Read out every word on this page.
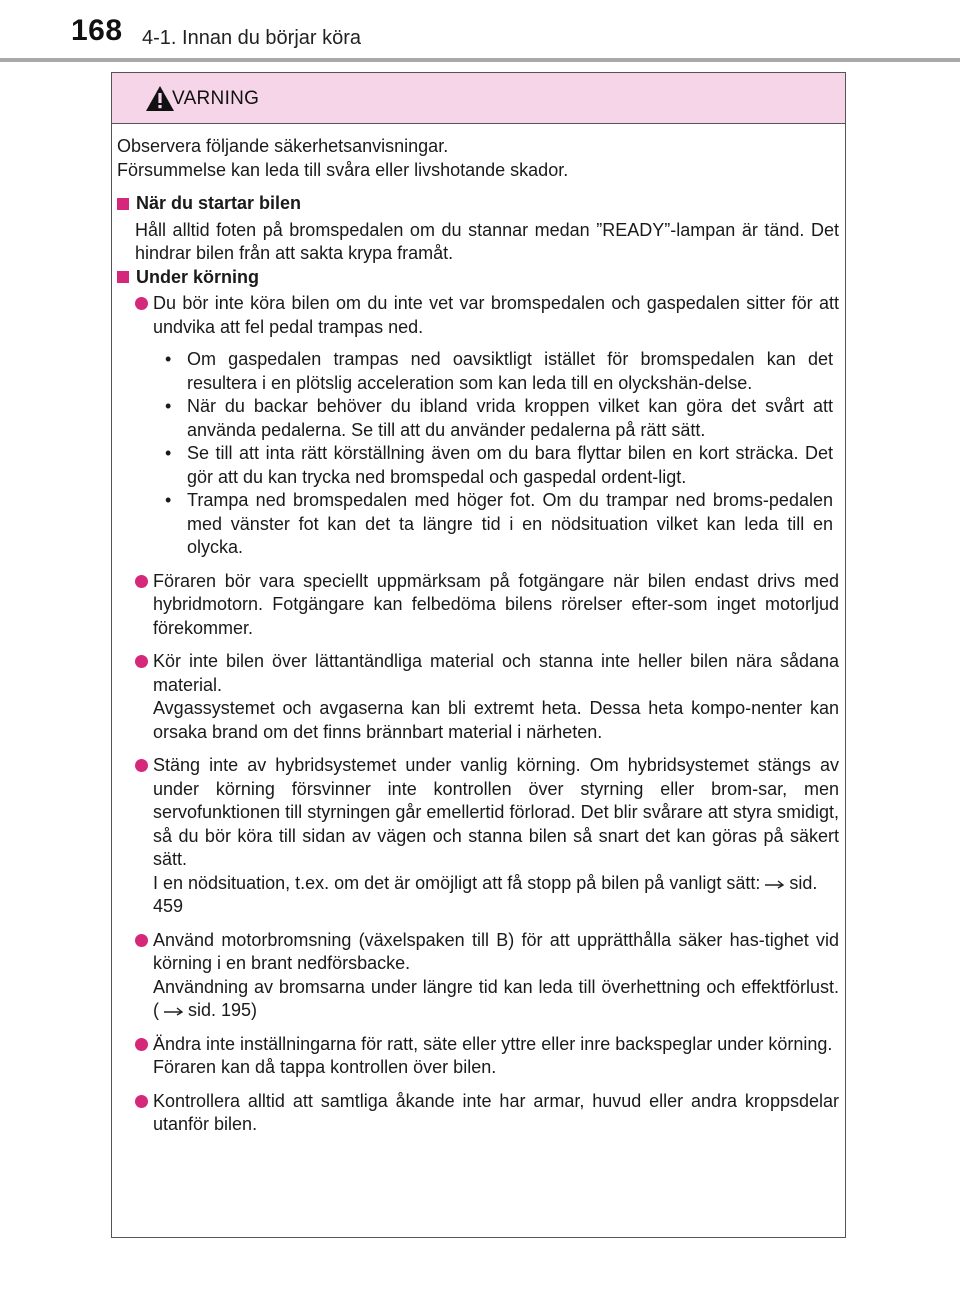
168 4-1. Innan du börjar köra
VARNING

Observera följande säkerhetsanvisningar.

Försummelse kan leda till svåra eller livshotande skador.

När du startar bilen

Håll alltid foten på bromspedalen om du stannar medan ”READY”-lampan är tänd. Det hindrar bilen från att sakta krypa framåt.

Under körning

Du bör inte köra bilen om du inte vet var bromspedalen och gaspedalen sitter för att undvika att fel pedal trampas ned.

• Om gaspedalen trampas ned oavsiktligt istället för bromspedalen kan det resultera i en plötslig acceleration som kan leda till en olyckshän-delse.

• När du backar behöver du ibland vrida kroppen vilket kan göra det svårt att använda pedalerna. Se till att du använder pedalerna på rätt sätt.

• Se till att inta rätt körställning även om du bara flyttar bilen en kort sträcka. Det gör att du kan trycka ned bromspedal och gaspedal ordent-ligt.

• Trampa ned bromspedalen med höger fot. Om du trampar ned broms-pedalen med vänster fot kan det ta längre tid i en nödsituation vilket kan leda till en olycka.

Föraren bör vara speciellt uppmärksam på fotgängare när bilen endast drivs med hybridmotorn. Fotgängare kan felbedöma bilens rörelser efter-som inget motorljud förekommer.

Kör inte bilen över lättantändliga material och stanna inte heller bilen nära sådana material.

Avgassystemet och avgaserna kan bli extremt heta. Dessa heta kompo-nenter kan orsaka brand om det finns brännbart material i närheten.

Stäng inte av hybridsystemet under vanlig körning. Om hybridsystemet stängs av under körning försvinner inte kontrollen över styrning eller brom-sar, men servofunktionen till styrningen går emellertid förlorad. Det blir svårare att styra smidigt, så du bör köra till sidan av vägen och stanna bilen så snart det kan göras på säkert sätt.

I en nödsituation, t.ex. om det är omöjligt att få stopp på bilen på vanligt sätt: sid. 459

Använd motorbromsning (växelspaken till B) för att upprätthålla säker has-tighet vid körning i en brant nedförsbacke.

Användning av bromsarna under längre tid kan leda till överhettning och effektförlust. ( sid. 195)

Ändra inte inställningarna för ratt, säte eller yttre eller inre backspeglar under körning.

Föraren kan då tappa kontrollen över bilen.

Kontrollera alltid att samtliga åkande inte har armar, huvud eller andra kroppsdelar utanför bilen.
